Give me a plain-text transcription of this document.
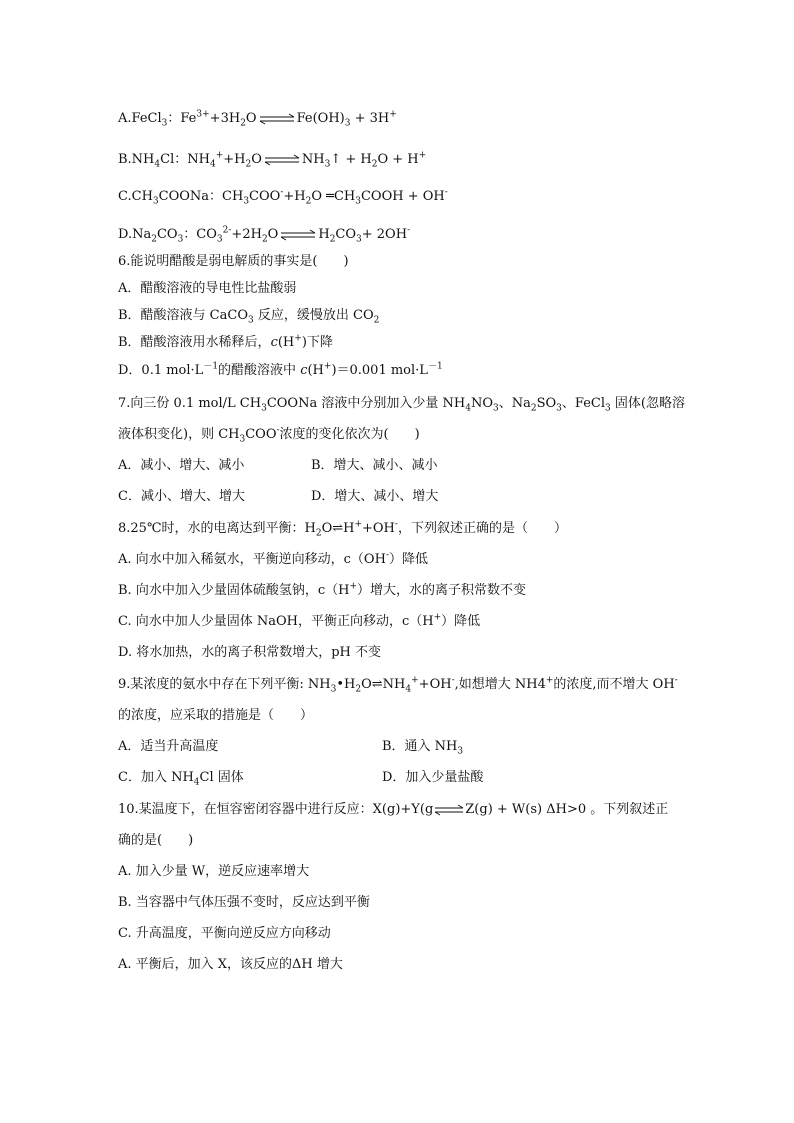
A.FeCl$_3$：$Fe^{3+}+3H_2O\rightleftharpoons Fe(OH)_3 + 3H^+$
$B.NH_4Cl$：$NH_4^++H_2O\rightleftharpoons NH_3↑ + H_2O + H^+$
$C.CH_3COONa$：$CH_3COO^-+H_2O$ $═CH_3COOH + OH^-$
$D.Na_2CO_3$：$CO_3^{2-}+2H_2O\rightleftharpoons H_2CO_3+ 2OH^-$
6.能说明醋酸是弱电解质的事实是(　　)
A．醋酸溶液的导电性比盐酸弱
B．醋酸溶液与 CaCO$_3$ 反应，缓慢放出 $CO_2$
B．醋酸溶液用水稀释后，c(H+)下降
D．0.1 $mol\cdot L^{-1}$的醋酸溶液中 c(H+)＝0.001 $mol\cdot L^{-1}$
7.向三份 0.1 mol/L $CH_3COONa$ 溶液中分别加入少量 $NH_4NO_3$、$Na_2SO_3$、FeCl$_3$ 固体(忽略溶
液体积变化)，则 $CH_3COO^-$浓度的变化依次为(　　)
A．减小、增大、减小	B．增大、减小、减小
C．减小、增大、增大	D．增大、减小、增大
8.25℃时，水的电离达到平衡：$H_2O\rightleftharpoons H^++OH^-$，下列叙述正确的是（　　）
A. 向水中加入稀氨水，平衡逆向移动，c（OH-）降低
B. 向水中加入少量固体硫酸氢钠，c（H+）增大，水的离子积常数不变
C. 向水中加人少量固体 NaOH，平衡正向移动，c（H+）降低
D. 将水加热，水的离子积常数增大，pH 不变
9.某浓度的氨水中存在下列平衡: $NH_3•H_2O\rightleftharpoons NH_4^++OH^-$,如想增大 NH4+的浓度,而不增大 OH-
的浓度，应采取的措施是（　　）
A．适当升高温度	B．通入 $NH_3$
C．加入 $NH_4Cl$ 固体	D．加入少量盐酸
10.某温度下，在恒容密闭容器中进行反应：X(g)+Y(g⇌Z(g) + W(s) ΔH>0 。下列叙述正
确的是(　　)
A. 加入少量 W，逆反应速率增大
B. 当容器中气体压强不变时，反应达到平衡
C. 升高温度，平衡向逆反应方向移动
A. 平衡后，加入 X，该反应的ΔH 增大
